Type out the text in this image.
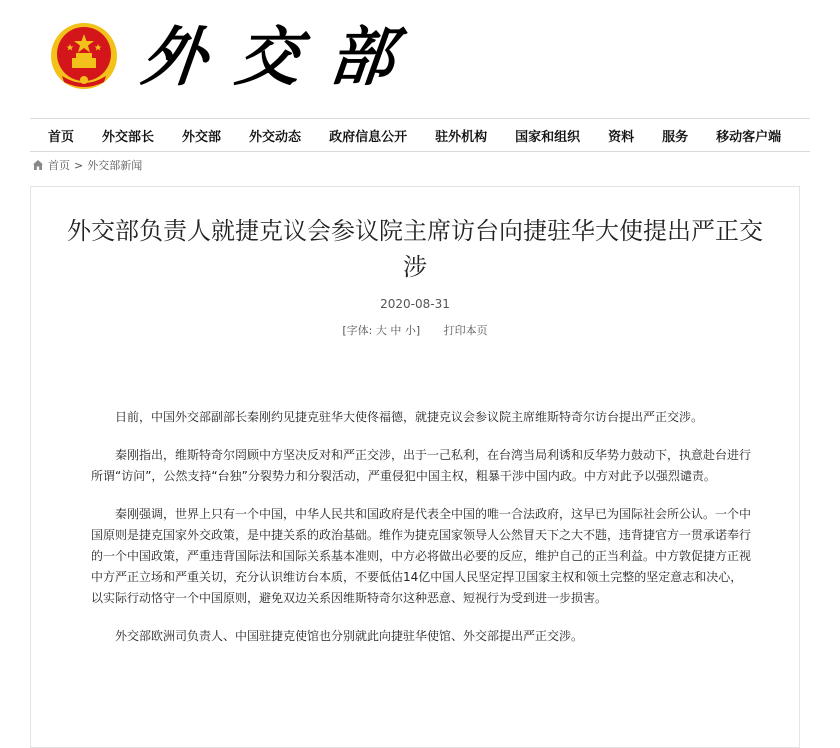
外交部
首页 外交部长 外交部 外交动态 政府信息公开 驻外机构 国家和组织 资料 服务 移动客户端
首页 > 外交部新闻
外交部负责人就捷克议会参议院主席访台向捷驻华大使提出严正交涉
2020-08-31
[字体: 大 中 小] 打印本页

日前，中国外交部副部长秦刚约见捷克驻华大使佟福德，就捷克议会参议院主席维斯特奇尔访台提出严正交涉。

秦刚指出，维斯特奇尔罔顾中方坚决反对和严正交涉，出于一己私利，在台湾当局利诱和反华势力鼓动下，执意赴台进行所谓“访问”，公然支持“台独”分裂势力和分裂活动，严重侵犯中国主权，粗暴干涉中国内政。中方对此予以强烈谴责。

秦刚强调，世界上只有一个中国，中华人民共和国政府是代表全中国的唯一合法政府，这早已为国际社会所公认。一个中国原则是捷克国家外交政策，是中捷关系的政治基础。维作为捷克国家领导人公然冒天下之大不韪，违背捷官方一贯承诺奉行的一个中国政策，严重违背国际法和国际关系基本准则，中方必将做出必要的反应，维护自己的正当利益。中方敦促捷方正视中方严正立场和严重关切，充分认识维访台本质，不要低估14亿中国人民坚定捍卫国家主权和领土完整的坚定意志和决心，以实际行动恪守一个中国原则，避免双边关系因维斯特奇尔这种恶意、短视行为受到进一步损害。

外交部欧洲司负责人、中国驻捷克使馆也分别就此向捷驻华使馆、外交部提出严正交涉。
